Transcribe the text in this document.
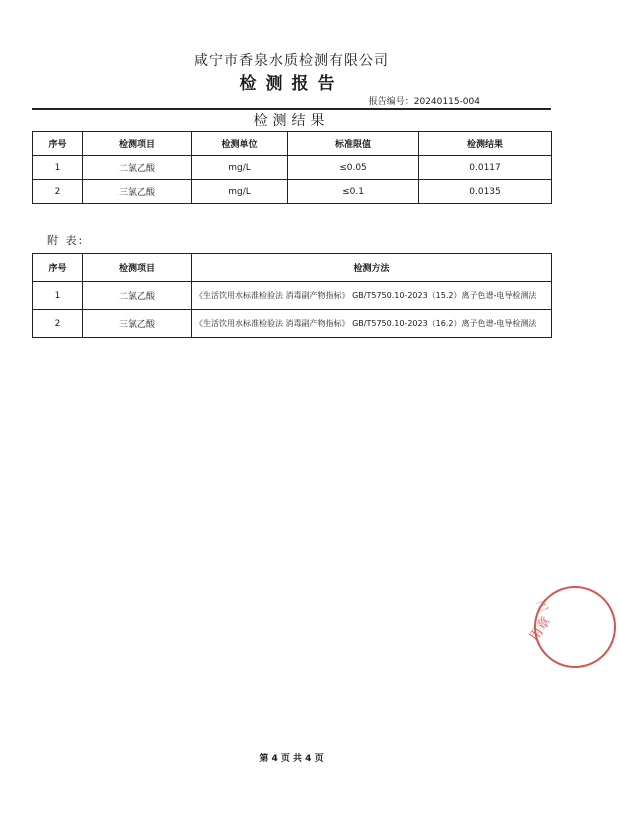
咸宁市香泉水质检测有限公司
检测报告
报告编号：20240115-004
检测结果
序号	检测项目	检测单位	标准限值	检测结果
1	二氯乙酸	mg/L	≤0.05	0.0117
2	三氯乙酸	mg/L	≤0.1	0.0135
附 表:
序号	检测项目	检测方法
1	二氯乙酸	《生活饮用水标准检验法 消毒副产物指标》 GB/T5750.10-2023（15.2）离子色谱-电导检测法
2	三氯乙酸	《生活饮用水标准检验法 消毒副产物指标》 GB/T5750.10-2023（16.2）离子色谱-电导检测法
三
用章
第 4 页 共 4 页
